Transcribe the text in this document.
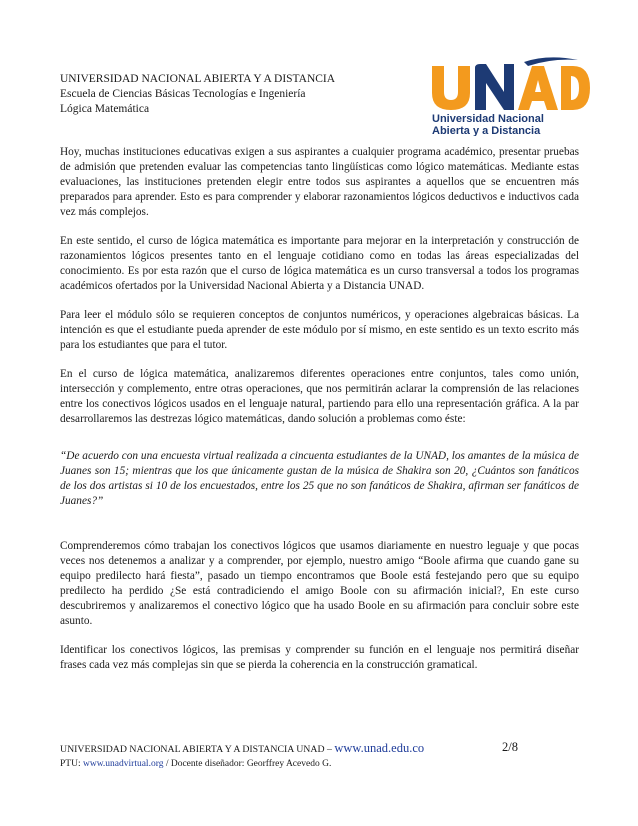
UNIVERSIDAD NACIONAL ABIERTA Y A DISTANCIA
Escuela de Ciencias Básicas Tecnologías e Ingeniería
Lógica Matemática
Universidad Nacional
Abierta y a Distancia

Hoy, muchas instituciones educativas exigen a sus aspirantes a cualquier programa académico, presentar pruebas de admisión que pretenden evaluar las competencias tanto lingüísticas como lógico matemáticas. Mediante estas evaluaciones, las instituciones pretenden elegir entre todos sus aspirantes a aquellos que se encuentren más preparados para aprender. Esto es para comprender y elaborar razonamientos lógicos deductivos e inductivos cada vez más complejos.

En este sentido, el curso de lógica matemática es importante para mejorar en la interpretación y construcción de razonamientos lógicos presentes tanto en el lenguaje cotidiano como en todas las áreas especializadas del conocimiento. Es por esta razón que el curso de lógica matemática es un curso transversal a todos los programas académicos ofertados por la Universidad Nacional Abierta y a Distancia UNAD.

Para leer el módulo sólo se requieren conceptos de conjuntos numéricos, y operaciones algebraicas básicas. La intención es que el estudiante pueda aprender de este módulo por sí mismo, en este sentido es un texto escrito más para los estudiantes que para el tutor.

En el curso de lógica matemática, analizaremos diferentes operaciones entre conjuntos, tales como unión, intersección y complemento, entre otras operaciones, que nos permitirán aclarar la comprensión de las relaciones entre los conectivos lógicos usados en el lenguaje natural, partiendo para ello una representación gráfica. A la par desarrollaremos las destrezas lógico matemáticas, dando solución a problemas como éste:

“De acuerdo con una encuesta virtual realizada a cincuenta estudiantes de la UNAD, los amantes de la música de Juanes son 15; mientras que los que únicamente gustan de la música de Shakira son 20, ¿Cuántos son fanáticos de los dos artistas si 10 de los encuestados, entre los 25 que no son fanáticos de Shakira, afirman ser fanáticos de Juanes?”

Comprenderemos cómo trabajan los conectivos lógicos que usamos diariamente en nuestro leguaje y que pocas veces nos detenemos a analizar y a comprender, por ejemplo, nuestro amigo “Boole afirma que cuando gane su equipo predilecto hará fiesta”, pasado un tiempo encontramos que Boole está festejando pero que su equipo predilecto ha perdido ¿Se está contradiciendo el amigo Boole con su afirmación inicial?, En este curso descubriremos y analizaremos el conectivo lógico que ha usado Boole en su afirmación para concluir sobre este asunto.

Identificar los conectivos lógicos, las premisas y comprender su función en el lenguaje nos permitirá diseñar frases cada vez más complejas sin que se pierda la coherencia en la construcción gramatical.

UNIVERSIDAD NACIONAL ABIERTA Y A DISTANCIA UNAD – www.unad.edu.co	2/8
PTU: www.unadvirtual.org / Docente diseñador: Georffrey Acevedo G.
